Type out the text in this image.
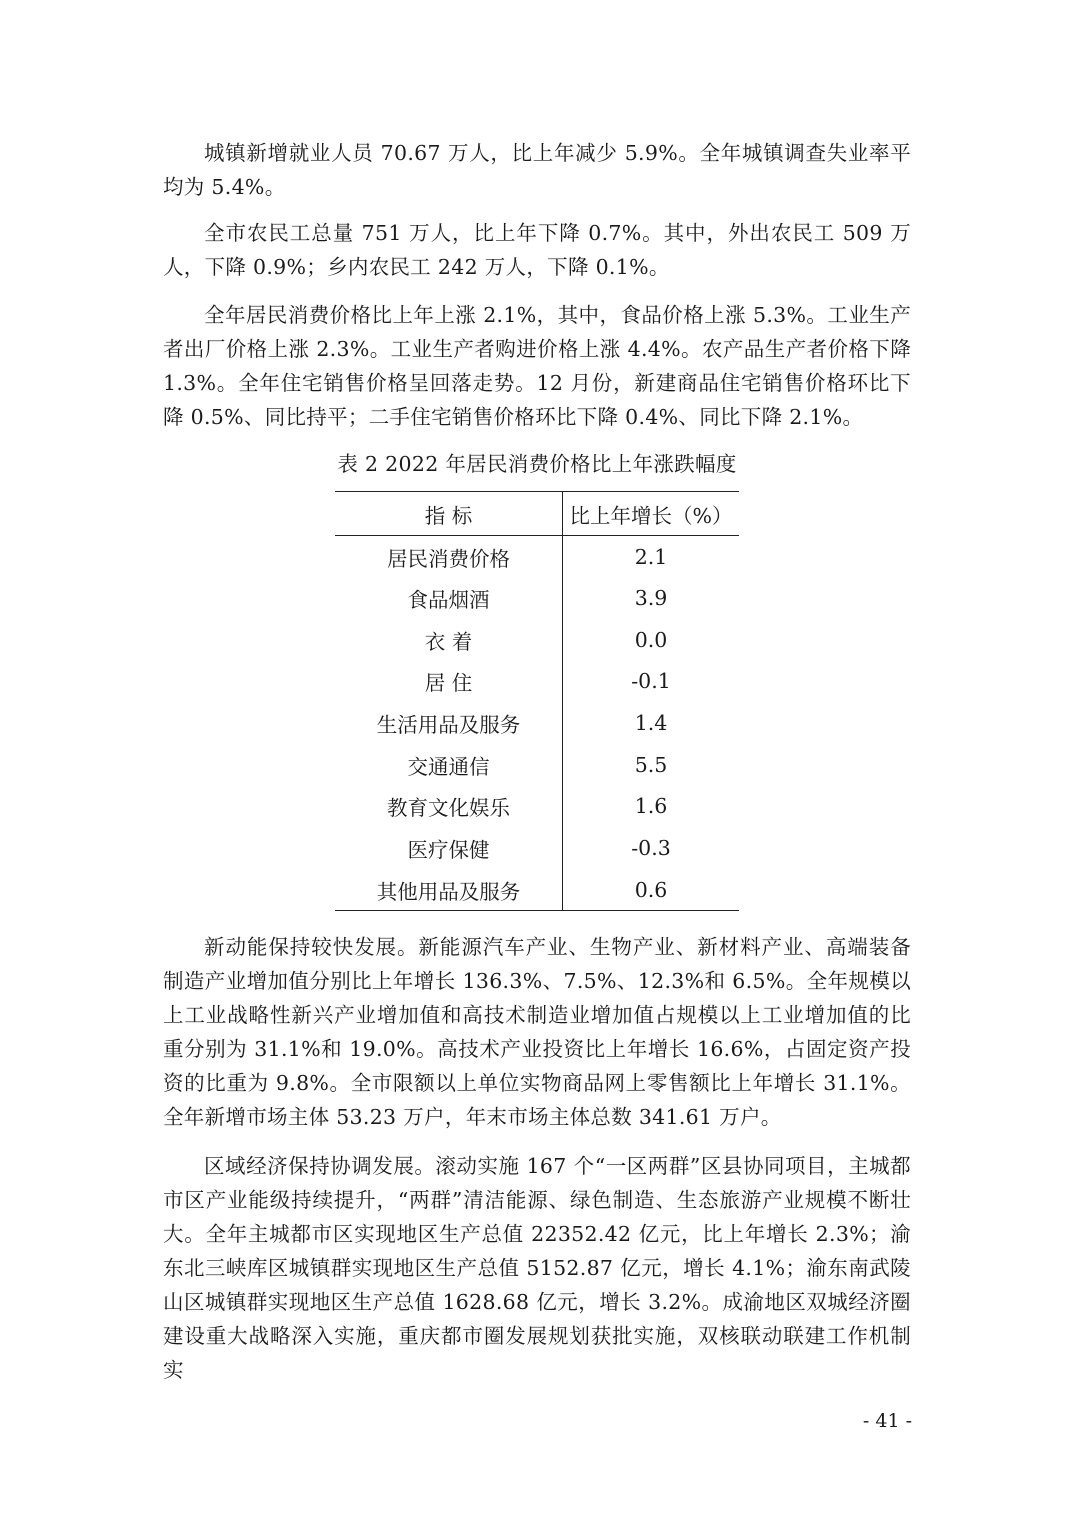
城镇新增就业人员 70.67 万人，比上年减少 5.9%。全年城镇调查失业率平均为 5.4%。

全市农民工总量 751 万人，比上年下降 0.7%。其中，外出农民工 509 万人，下降 0.9%；乡内农民工 242 万人，下降 0.1%。

全年居民消费价格比上年上涨 2.1%，其中，食品价格上涨 5.3%。工业生产者出厂价格上涨 2.3%。工业生产者购进价格上涨 4.4%。农产品生产者价格下降 1.3%。全年住宅销售价格呈回落走势。12 月份，新建商品住宅销售价格环比下降 0.5%、同比持平；二手住宅销售价格环比下降 0.4%、同比下降 2.1%。

表 2 2022 年居民消费价格比上年涨跌幅度

指 标	比上年增长（%）
居民消费价格	2.1
食品烟酒	3.9
衣 着	0.0
居 住	-0.1
生活用品及服务	1.4
交通通信	5.5
教育文化娱乐	1.6
医疗保健	-0.3
其他用品及服务	0.6

新动能保持较快发展。新能源汽车产业、生物产业、新材料产业、高端装备制造产业增加值分别比上年增长 136.3%、7.5%、12.3%和 6.5%。全年规模以上工业战略性新兴产业增加值和高技术制造业增加值占规模以上工业增加值的比重分别为 31.1%和 19.0%。高技术产业投资比上年增长 16.6%，占固定资产投资的比重为 9.8%。全市限额以上单位实物商品网上零售额比上年增长 31.1%。全年新增市场主体 53.23 万户，年末市场主体总数 341.61 万户。

区域经济保持协调发展。滚动实施 167 个“一区两群”区县协同项目，主城都市区产业能级持续提升，“两群”清洁能源、绿色制造、生态旅游产业规模不断壮大。全年主城都市区实现地区生产总值 22352.42 亿元，比上年增长 2.3%；渝东北三峡库区城镇群实现地区生产总值 5152.87 亿元，增长 4.1%；渝东南武陵山区城镇群实现地区生产总值 1628.68 亿元，增长 3.2%。成渝地区双城经济圈建设重大战略深入实施，重庆都市圈发展规划获批实施，双核联动联建工作机制实

- 41 -
